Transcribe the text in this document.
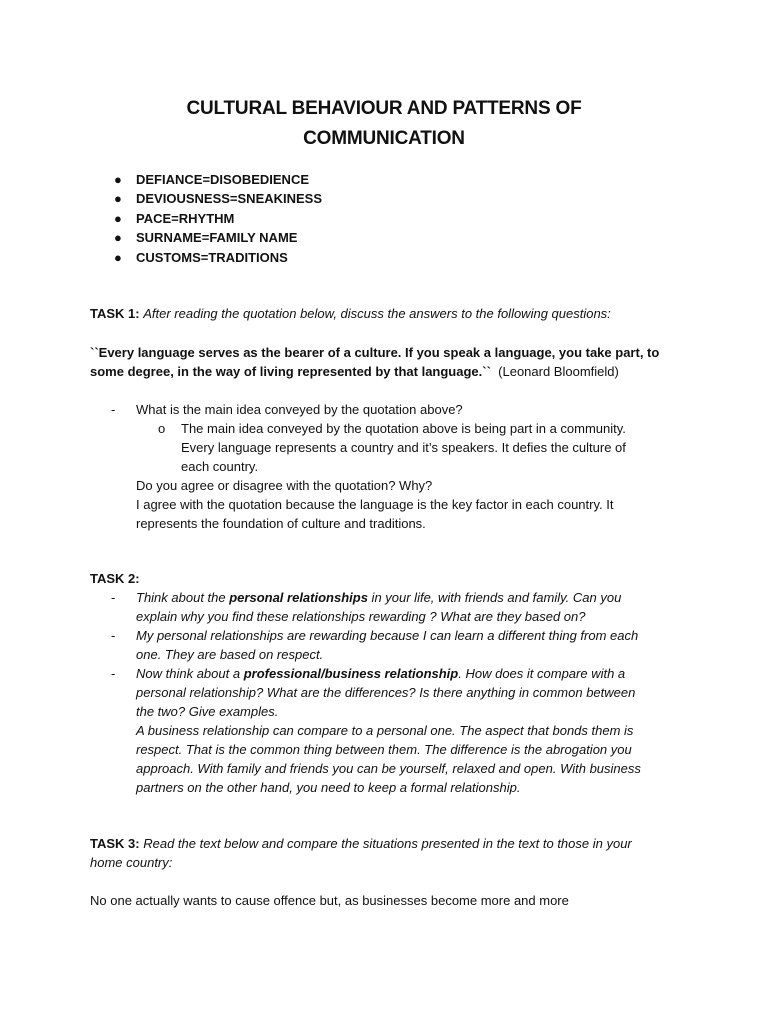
CULTURAL BEHAVIOUR AND PATTERNS OF
COMMUNICATION
● DEFIANCE=DISOBEDIENCE
● DEVIOUSNESS=SNEAKINESS
● PACE=RHYTHM
● SURNAME=FAMILY NAME
● CUSTOMS=TRADITIONS
TASK 1: After reading the quotation below, discuss the answers to the following questions:
``Every language serves as the bearer of a culture. If you speak a language, you take part, to
some degree, in the way of living represented by that language.`` (Leonard Bloomfield)
- What is the main idea conveyed by the quotation above?
o The main idea conveyed by the quotation above is being part in a community.
Every language represents a country and it’s speakers. It defies the culture of
each country.
Do you agree or disagree with the quotation? Why?
I agree with the quotation because the language is the key factor in each country. It
represents the foundation of culture and traditions.
TASK 2:
- Think about the personal relationships in your life, with friends and family. Can you
explain why you find these relationships rewarding ? What are they based on?
- My personal relationships are rewarding because I can learn a different thing from each
one. They are based on respect.
- Now think about a professional/business relationship. How does it compare with a
personal relationship? What are the differences? Is there anything in common between
the two? Give examples.
A business relationship can compare to a personal one. The aspect that bonds them is
respect. That is the common thing between them. The difference is the abrogation you
approach. With family and friends you can be yourself, relaxed and open. With business
partners on the other hand, you need to keep a formal relationship.
TASK 3: Read the text below and compare the situations presented in the text to those in your
home country:
No one actually wants to cause offence but, as businesses become more and more
